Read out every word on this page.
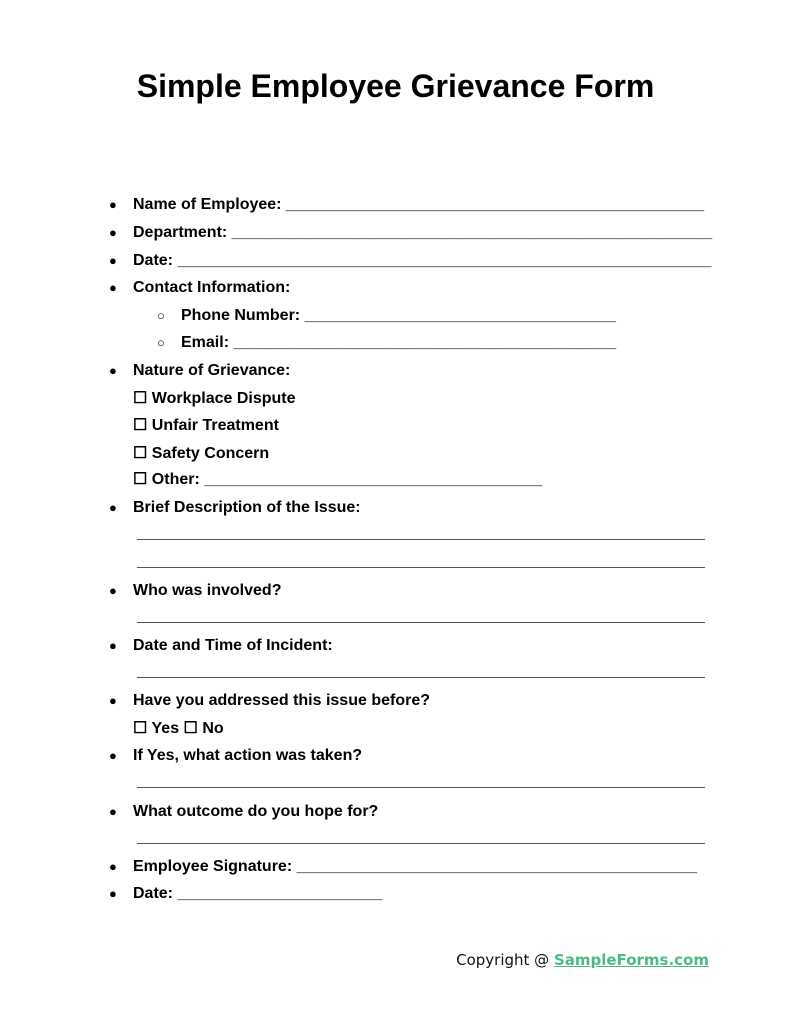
Simple Employee Grievance Form
● Name of Employee: _______________________________________________
● Department: ______________________________________________________
● Date: ____________________________________________________________
● Contact Information:
○ Phone Number: ___________________________________
○ Email: ___________________________________________
● Nature of Grievance:
☐ Workplace Dispute
☐ Unfair Treatment
☐ Safety Concern
☐ Other: ______________________________________
● Brief Description of the Issue:
● Who was involved?
● Date and Time of Incident:
● Have you addressed this issue before?
☐ Yes ☐ No
● If Yes, what action was taken?
● What outcome do you hope for?
● Employee Signature: _____________________________________________
● Date: _______________________
Copyright @ SampleForms.com
